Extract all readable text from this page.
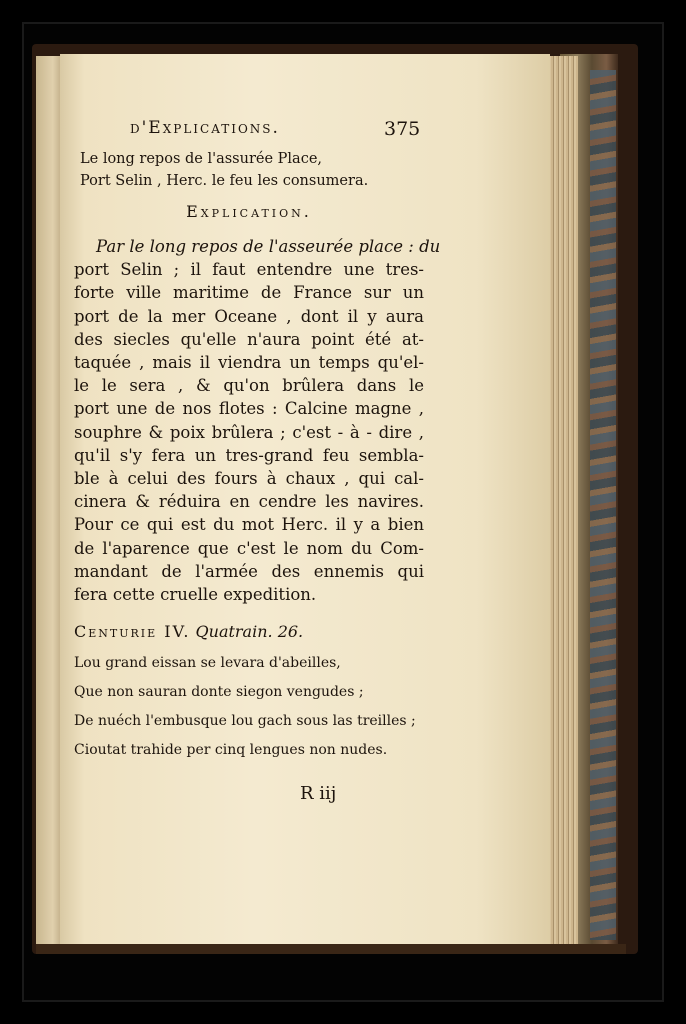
d'Explications.	375
Le long repos de l'assurée Place,
Port Selin , Herc. le feu les consumera.
Explication.
Par le long repos de l'asseurée place : du
port Selin ; il faut entendre une tres-
forte ville maritime de France sur un
port de la mer Oceane , dont il y aura
des siecles qu'elle n'aura point été at-
taquée , mais il viendra un temps qu'el-
le le sera , & qu'on brûlera dans le
port une de nos flotes : Calcine magne ,
souphre & poix brûlera ; c'est - à - dire ,
qu'il s'y fera un tres-grand feu sembla-
ble à celui des fours à chaux , qui cal-
cinera & réduira en cendre les navires.
Pour ce qui est du mot Herc. il y a bien
de l'aparence que c'est le nom du Com-
mandant de l'armée des ennemis qui
fera cette cruelle expedition.
Centurie IV. Quatrain. 26.
Lou grand eissan se levara d'abeilles,
Que non sauran donte siegon vengudes ;
De nuéch l'embusque lou gach sous las treilles ;
Cioutat trahide per cinq lengues non nudes.
R iij
